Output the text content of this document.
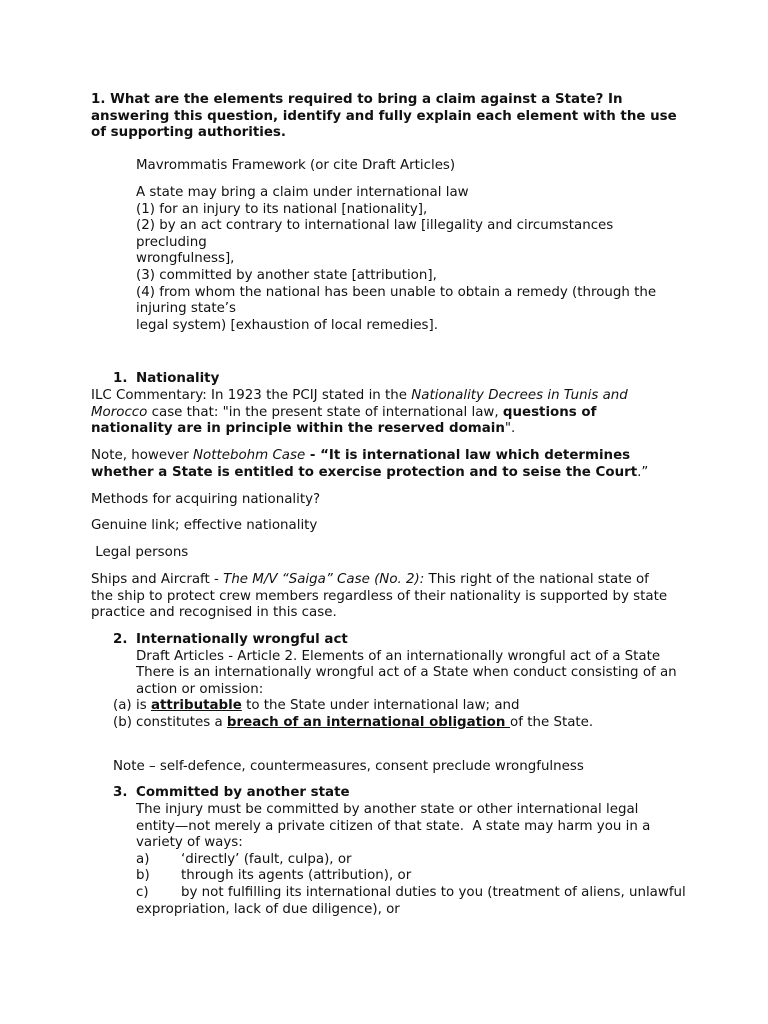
1. What are the elements required to bring a claim against a State? In answering this question, identify and fully explain each element with the use of supporting authorities.
Mavrommatis Framework (or cite Draft Articles)
A state may bring a claim under international law
(1) for an injury to its national [nationality],
(2) by an act contrary to international law [illegality and circumstances
precluding
wrongfulness],
(3) committed by another state [attribution],
(4) from whom the national has been unable to obtain a remedy (through the
injuring state’s
legal system) [exhaustion of local remedies].
1. Nationality
ILC Commentary: In 1923 the PCIJ stated in the Nationality Decrees in Tunis and Morocco case that: "in the present state of international law, questions of nationality are in principle within the reserved domain".
Note, however Nottebohm Case - “It is international law which determines whether a State is entitled to exercise protection and to seise the Court.”
Methods for acquiring nationality?
Genuine link; effective nationality
Legal persons
Ships and Aircraft - The M/V “Saiga” Case (No. 2): This right of the national state of the ship to protect crew members regardless of their nationality is supported by state practice and recognised in this case.
2. Internationally wrongful act
Draft Articles - Article 2. Elements of an internationally wrongful act of a State
There is an internationally wrongful act of a State when conduct consisting of an action or omission:
(a) is attributable to the State under international law; and
(b) constitutes a breach of an international obligation of the State.
Note – self-defence, countermeasures, consent preclude wrongfulness
3. Committed by another state
The injury must be committed by another state or other international legal entity—not merely a private citizen of that state.  A state may harm you in a variety of ways:
a) ‘directly’ (fault, culpa), or
b) through its agents (attribution), or
c) by not fulfilling its international duties to you (treatment of aliens, unlawful expropriation, lack of due diligence), or
